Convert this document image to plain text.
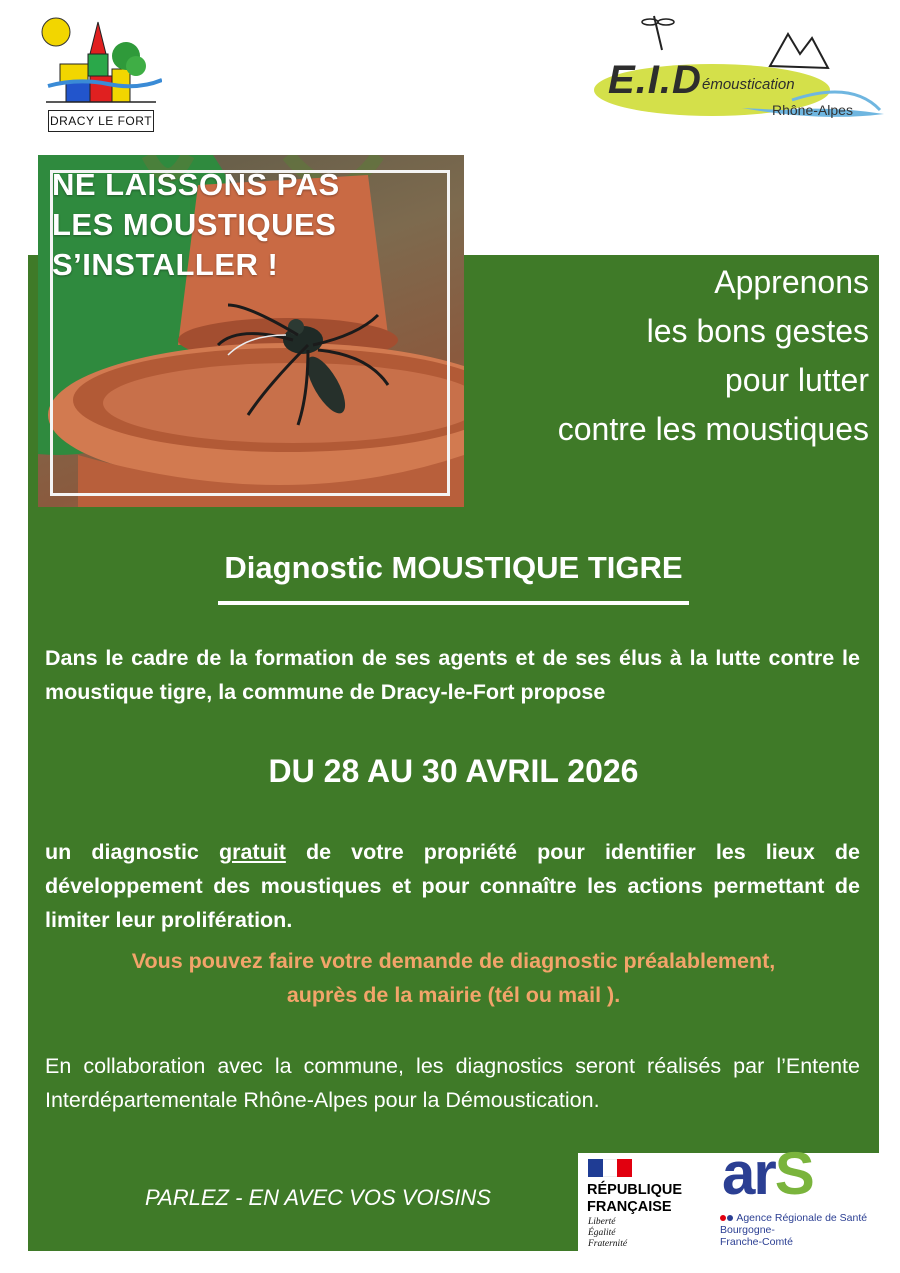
DRACY LE FORT
E.I.D émoustication
Rhône-Alpes
NE LAISSONS PAS
LES MOUSTIQUES
S’INSTALLER !	Apprenons
les bons gestes
pour lutter
contre les moustiques
Diagnostic MOUSTIQUE TIGRE
Dans le cadre de la formation de ses agents et de ses élus à la lutte contre le moustique tigre, la commune de Dracy-le-Fort propose
DU 28 AU 30 AVRIL 2026
un diagnostic gratuit de votre propriété pour identifier les lieux de développement des moustiques et pour connaître les actions permettant de limiter leur prolifération.
Vous pouvez faire votre demande de diagnostic préalablement,
auprès de la mairie (tél ou mail ).
En collaboration avec la commune, les diagnostics seront réalisés par l’Entente Interdépartementale Rhône-Alpes pour la Démoustication.
PARLEZ - EN AVEC VOS VOISINS	RÉPUBLIQUE
FRANÇAISE
Liberté
Égalité
Fraternité
arS
Agence Régionale de Santé
Bourgogne-
Franche-Comté
